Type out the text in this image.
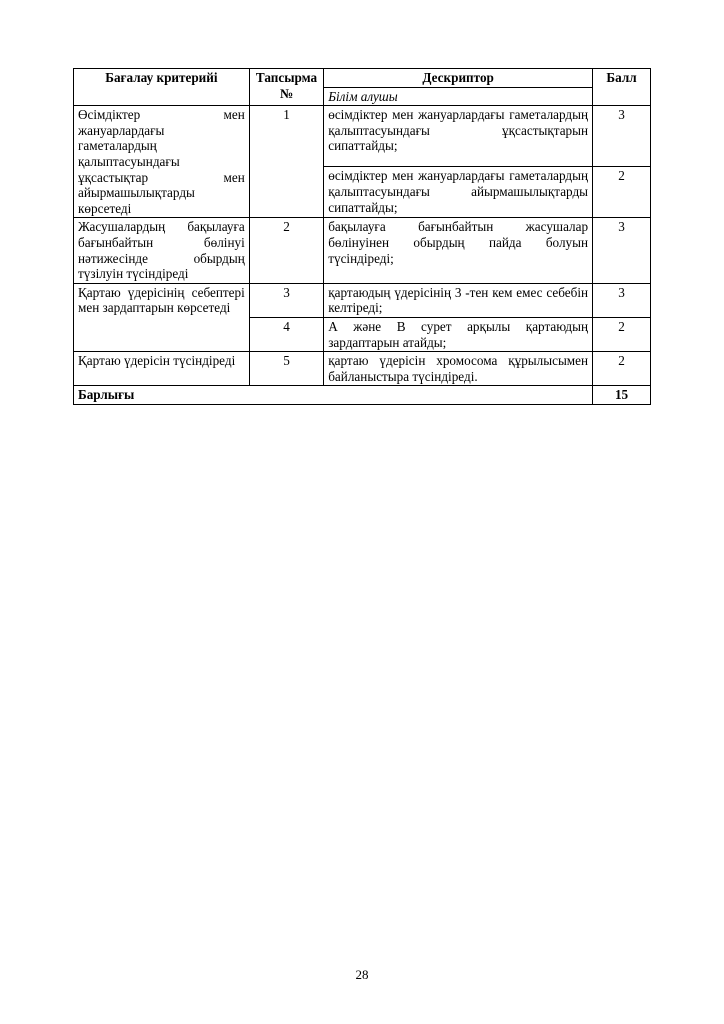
Бағалау критерийі	Тапсырма №	Дескриптор	Балл
		Білім алушы	
Өсімдіктер мен жануарлардағы гаметалардың қалыптасуындағы ұқсастықтар мен айырмашылықтарды көрсетеді	1	өсімдіктер мен жануарлардағы гаметалардың қалыптасуындағы ұқсастықтарын сипаттайды;	3
		өсімдіктер мен жануарлардағы гаметалардың қалыптасуындағы айырмашылықтарды сипаттайды;	2
Жасушалардың бақылауға бағынбайтын бөлінуі нәтижесінде обырдың түзілуін түсіндіреді	2	бақылауға бағынбайтын жасушалар бөлінуінен обырдың пайда болуын түсіндіреді;	3
Қартаю үдерісінің себептері мен зардаптарын көрсетеді	3	қартаюдың үдерісінің 3 -тен кем емес себебін келтіреді;	3
	4	А және В сурет арқылы қартаюдың зардаптарын атайды;	2
Қартаю үдерісін түсіндіреді	5	қартаю үдерісін хромосома құрылысымен байланыстыра түсіндіреді.	2
Барлығы			15
28
